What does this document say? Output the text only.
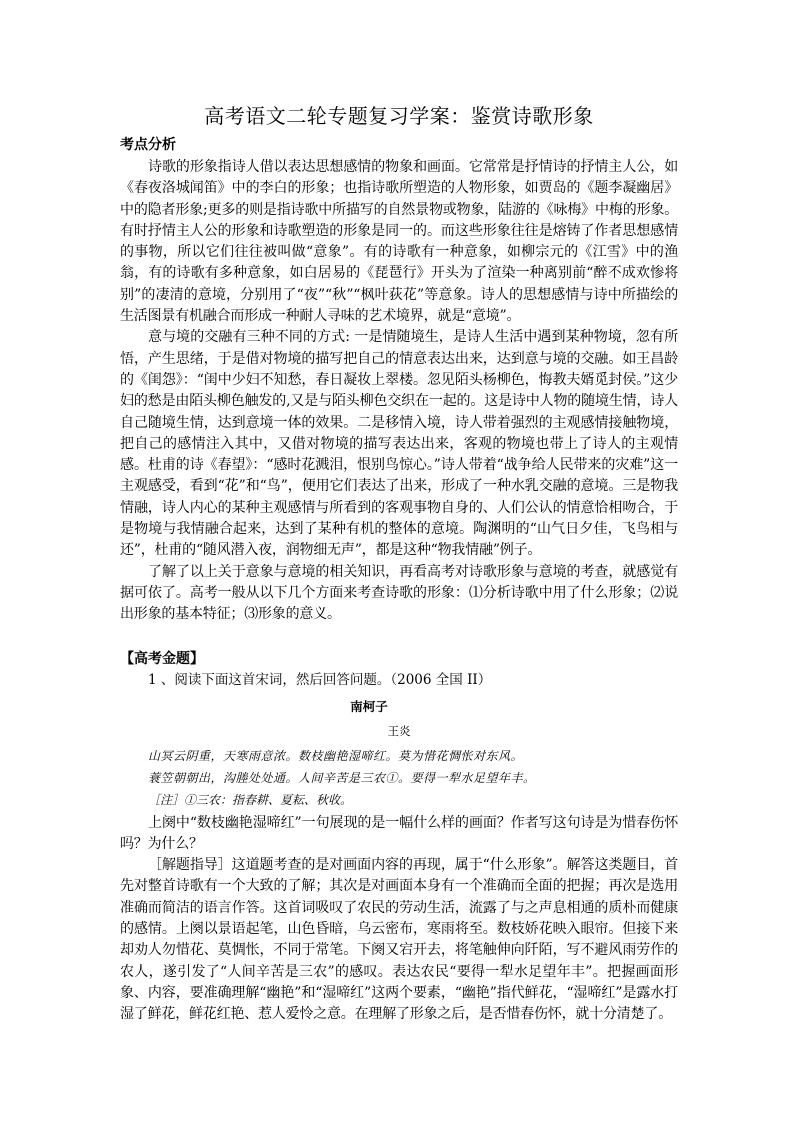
高考语文二轮专题复习学案：鉴赏诗歌形象
考点分析

诗歌的形象指诗人借以表达思想感情的物象和画面。它常常是抒情诗的抒情主人公，如《春夜洛城闻笛》中的李白的形象；也指诗歌所塑造的人物形象，如贾岛的《题李凝幽居》中的隐者形象;更多的则是指诗歌中所描写的自然景物或物象，陆游的《咏梅》中梅的形象。有时抒情主人公的形象和诗歌塑造的形象是同一的。而这些形象往往是熔铸了作者思想感情的事物，所以它们往往被叫做“意象”。有的诗歌有一种意象，如柳宗元的《江雪》中的渔翁，有的诗歌有多种意象，如白居易的《琵琶行》开头为了渲染一种离别前“醉不成欢惨将别”的凄清的意境，分别用了“夜”“秋”“枫叶荻花”等意象。诗人的思想感情与诗中所描绘的生活图景有机融合而形成一种耐人寻味的艺术境界，就是“意境”。

意与境的交融有三种不同的方式: 一是情随境生，是诗人生活中遇到某种物境，忽有所悟，产生思绪，于是借对物境的描写把自己的情意表达出来，达到意与境的交融。如王昌龄的《闺怨》：“闺中少妇不知愁，春日凝妆上翠楼。忽见陌头杨柳色，悔教夫婿觅封侯。”这少妇的愁是由陌头柳色触发的,又是与陌头柳色交织在一起的。这是诗中人物的随境生情，诗人自己随境生情，达到意境一体的效果。二是移情入境，诗人带着强烈的主观感情接触物境，把自己的感情注入其中，又借对物境的描写表达出来，客观的物境也带上了诗人的主观情感。杜甫的诗《春望》：“感时花溅泪，恨别鸟惊心。”诗人带着“战争给人民带来的灾难”这一主观感受，看到“花”和“鸟”，便用它们表达了出来，形成了一种水乳交融的意境。三是物我情融，诗人内心的某种主观感情与所看到的客观事物自身的、人们公认的情意恰相吻合，于是物境与我情融合起来，达到了某种有机的整体的意境。陶渊明的“山气日夕佳，飞鸟相与还”，杜甫的“随风潜入夜，润物细无声”，都是这种“物我情融”例子。

了解了以上关于意象与意境的相关知识，再看高考对诗歌形象与意境的考查，就感觉有据可依了。高考一般从以下几个方面来考查诗歌的形象：⑴分析诗歌中用了什么形象；⑵说出形象的基本特征；⑶形象的意义。

【高考金题】

1 、阅读下面这首宋词，然后回答问题。（2006 全国 II）

南柯子
王炎

山冥云阴重，天寒雨意浓。数枝幽艳湿啼红。莫为惜花惆怅对东风。

蓑笠朝朝出，沟塍处处通。人间辛苦是三农①。要得一犁水足望年丰。

［注］①三农：指春耕、夏耘、秋收。

上阕中“数枝幽艳湿啼红”一句展现的是一幅什么样的画面？作者写这句诗是为惜春伤怀吗？为什么？

［解题指导］这道题考查的是对画面内容的再现，属于“什么形象”。解答这类题目，首先对整首诗歌有一个大致的了解；其次是对画面本身有一个准确而全面的把握；再次是选用准确而简洁的语言作答。这首词吸叹了农民的劳动生活，流露了与之声息相通的质朴而健康的感情。上阕以景语起笔，山色昏暗，乌云密布，寒雨将至。数枝娇花映入眼帘。但接下来却劝人勿惜花、莫惆怅，不同于常笔。下阕又宕开去，将笔触伸向阡陌，写不避风雨劳作的农人，遂引发了“人间辛苦是三农”的感叹。表达农民“要得一犁水足望年丰”。把握画面形象、内容，要准确理解“幽艳”和“湿啼红”这两个要素，“幽艳”指代鲜花，“湿啼红”是露水打湿了鲜花，鲜花红艳、惹人爱怜之意。在理解了形象之后，是否惜春伤怀，就十分清楚了。
